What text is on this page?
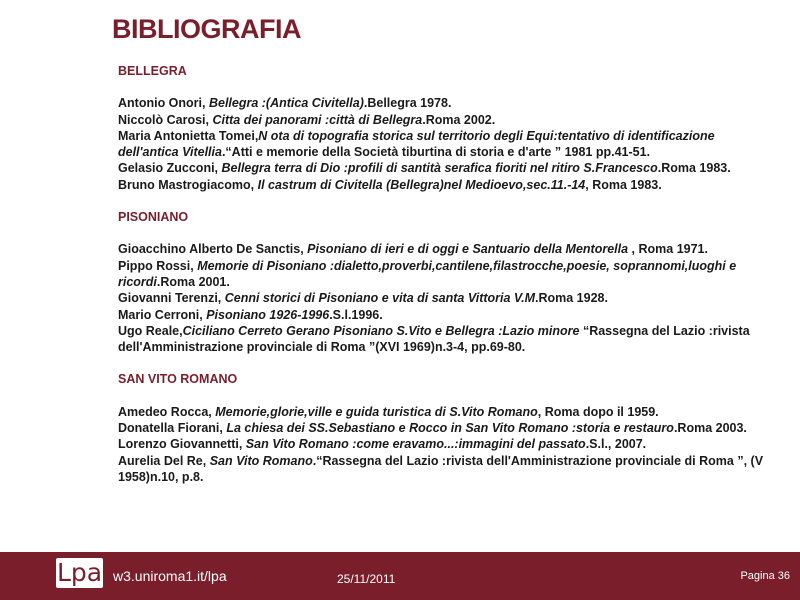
BIBLIOGRAFIA

BELLEGRA

Antonio Onori, Bellegra :(Antica Civitella).Bellegra 1978.

Niccolò Carosi, Citta dei panorami :città di Bellegra.Roma 2002.

Maria Antonietta Tomei,N ota di topografia storica sul territorio degli Equi:tentativo di identificazione dell'antica Vitellia.“Atti e memorie della Società tiburtina di storia e d'arte ” 1981 pp.41-51.

Gelasio Zucconi, Bellegra terra di Dio :profili di santità serafica fioriti nel ritiro S.Francesco.Roma 1983.

Bruno Mastrogiacomo, Il castrum di Civitella (Bellegra)nel Medioevo,sec.11.-14, Roma 1983.

PISONIANO

Gioacchino Alberto De Sanctis, Pisoniano di ieri e di oggi e Santuario della Mentorella , Roma 1971.

Pippo Rossi, Memorie di Pisoniano :dialetto,proverbi,cantilene,filastrocche,poesie, soprannomi,luoghi e ricordi.Roma 2001.

Giovanni Terenzi, Cenni storici di Pisoniano e vita di santa Vittoria V.M.Roma 1928.

Mario Cerroni, Pisoniano 1926-1996.S.l.1996.

Ugo Reale,Ciciliano Cerreto Gerano Pisoniano S.Vito e Bellegra :Lazio minore “Rassegna del Lazio :rivista dell'Amministrazione provinciale di Roma ”(XVI 1969)n.3-4, pp.69-80.

SAN VITO ROMANO

Amedeo Rocca, Memorie,glorie,ville e guida turistica di S.Vito Romano, Roma dopo il 1959.

Donatella Fiorani, La chiesa dei SS.Sebastiano e Rocco in San Vito Romano :storia e restauro.Roma 2003.

Lorenzo Giovannetti, San Vito Romano :come eravamo...:immagini del passato.S.l., 2007.

Aurelia Del Re, San Vito Romano.“Rassegna del Lazio :rivista dell'Amministrazione provinciale di Roma ”, (V 1958)n.10, p.8.

Lpa w3.uniroma1.it/lpa	25/11/2011	Pagina 36
